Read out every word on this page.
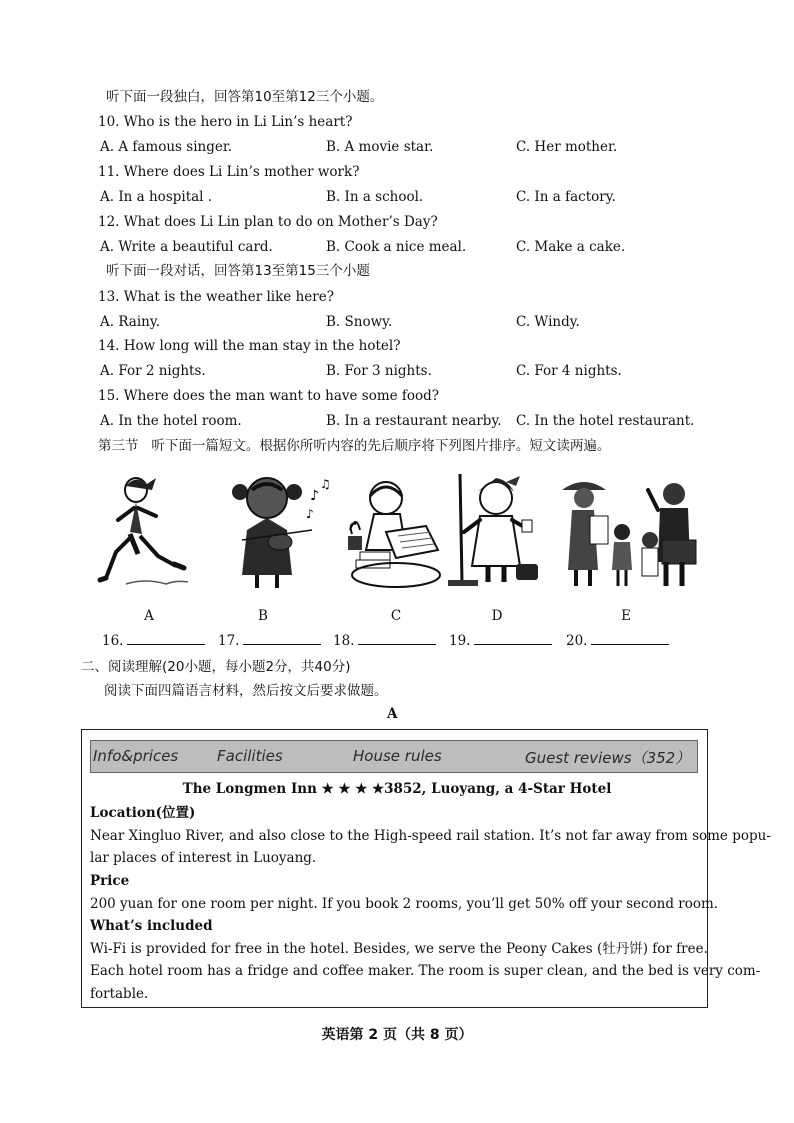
听下面一段独白，回答第10至第12三个小题。
10. Who is the hero in Li Lin’s heart?
A. A famous singer.	B. A movie star.	C. Her mother.
11. Where does Li Lin’s mother work?
A. In a hospital .	B. In a school.	C. In a factory.
12. What does Li Lin plan to do on Mother’s Day?
A. Write a beautiful card.	B. Cook a nice meal.	C. Make a cake.
听下面一段对话，回答第13至第15三个小题
13. What is the weather like here?
A. Rainy.	B. Snowy.	C. Windy.
14. How long will the man stay in the hotel?
A. For 2 nights.	B. For 3 nights.	C. For 4 nights.
15. Where does the man want to have some food?
A. In the hotel room.	B. In a restaurant nearby. C. In the hotel restaurant.
第三节 听下面一篇短文。根据你所听内容的先后顺序将下列图片排序。短文读两遍。
A
♪
♫
♪
B	C	D	E
16.	17.	18.	19.	20.
二、阅读理解(20小题，每小题2分，共40分)
阅读下面四篇语言材料，然后按文后要求做题。
A
Info&prices	Facilities	House rules	Guest reviews（352）
The Longmen Inn ★ ★ ★ ★3852, Luoyang, a 4-Star Hotel
Location(位置)
Near Xingluo River, and also close to the High-speed rail station. It’s not far away from some popu-
lar places of interest in Luoyang.
Price
200 yuan for one room per night. If you book 2 rooms, you’ll get 50% off your second room.
What’s included
Wi-Fi is provided for free in the hotel. Besides, we serve the Peony Cakes (牡丹饼) for free.
Each hotel room has a fridge and coffee maker. The room is super clean, and the bed is very com-
fortable.
英语第 2 页（共 8 页）
